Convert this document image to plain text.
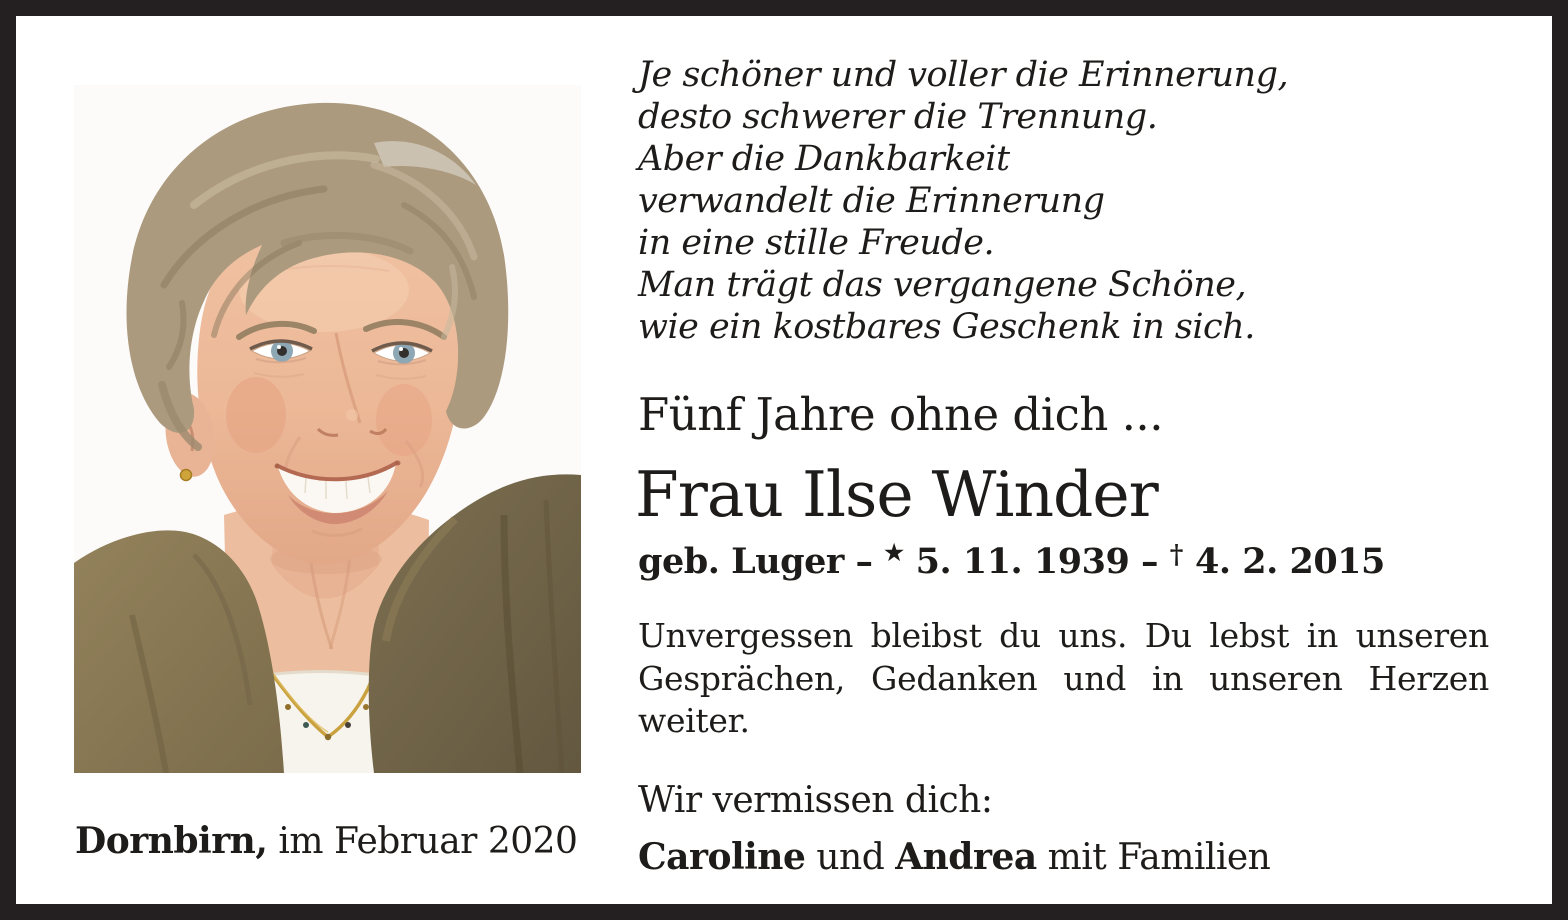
Je schöner und voller die Erinnerung,
desto schwerer die Trennung.
Aber die Dankbarkeit
verwandelt die Erinnerung
in eine stille Freude.
Man trägt das vergangene Schöne,
wie ein kostbares Geschenk in sich.
Fünf Jahre ohne dich ...
Frau Ilse Winder
geb. Luger – ★ 5. 11. 1939 – † 4. 2. 2015
Unvergessen bleibst du uns. Du lebst in unseren
Gesprächen, Gedanken und in unseren Herzen
weiter.
Wir vermissen dich:
Caroline und Andrea mit Familien
Dornbirn, im Februar 2020
